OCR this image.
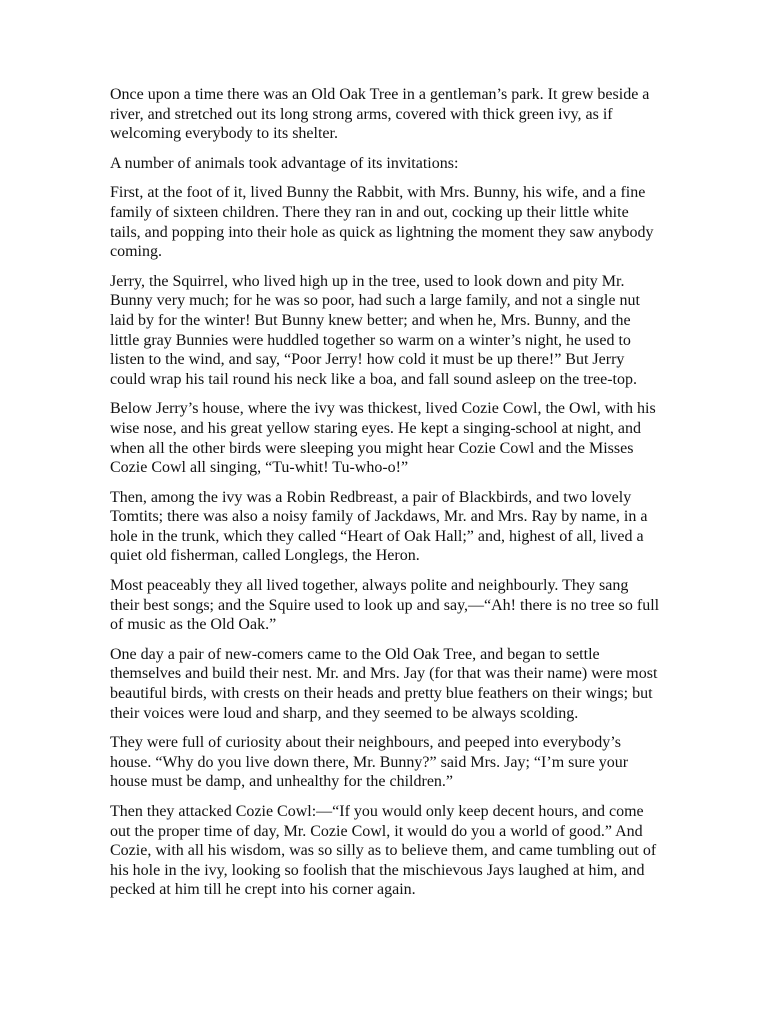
Once upon a time there was an Old Oak Tree in a gentleman’s park. It grew beside a river, and stretched out its long strong arms, covered with thick green ivy, as if welcoming everybody to its shelter.

A number of animals took advantage of its invitations:

First, at the foot of it, lived Bunny the Rabbit, with Mrs. Bunny, his wife, and a fine family of sixteen children. There they ran in and out, cocking up their little white tails, and popping into their hole as quick as lightning the moment they saw anybody coming.

Jerry, the Squirrel, who lived high up in the tree, used to look down and pity Mr. Bunny very much; for he was so poor, had such a large family, and not a single nut laid by for the winter! But Bunny knew better; and when he, Mrs. Bunny, and the little gray Bunnies were huddled together so warm on a winter’s night, he used to listen to the wind, and say, “Poor Jerry! how cold it must be up there!” But Jerry could wrap his tail round his neck like a boa, and fall sound asleep on the tree-top.

Below Jerry’s house, where the ivy was thickest, lived Cozie Cowl, the Owl, with his wise nose, and his great yellow staring eyes. He kept a singing-school at night, and when all the other birds were sleeping you might hear Cozie Cowl and the Misses Cozie Cowl all singing, “Tu-whit! Tu-who-o!”

Then, among the ivy was a Robin Redbreast, a pair of Blackbirds, and two lovely Tomtits; there was also a noisy family of Jackdaws, Mr. and Mrs. Ray by name, in a hole in the trunk, which they called “Heart of Oak Hall;” and, highest of all, lived a quiet old fisherman, called Longlegs, the Heron.

Most peaceably they all lived together, always polite and neighbourly. They sang their best songs; and the Squire used to look up and say,—“Ah! there is no tree so full of music as the Old Oak.”

One day a pair of new-comers came to the Old Oak Tree, and began to settle themselves and build their nest. Mr. and Mrs. Jay (for that was their name) were most beautiful birds, with crests on their heads and pretty blue feathers on their wings; but their voices were loud and sharp, and they seemed to be always scolding.

They were full of curiosity about their neighbours, and peeped into everybody’s house. “Why do you live down there, Mr. Bunny?” said Mrs. Jay; “I’m sure your house must be damp, and unhealthy for the children.”

Then they attacked Cozie Cowl:—“If you would only keep decent hours, and come out the proper time of day, Mr. Cozie Cowl, it would do you a world of good.” And Cozie, with all his wisdom, was so silly as to believe them, and came tumbling out of his hole in the ivy, looking so foolish that the mischievous Jays laughed at him, and pecked at him till he crept into his corner again.
